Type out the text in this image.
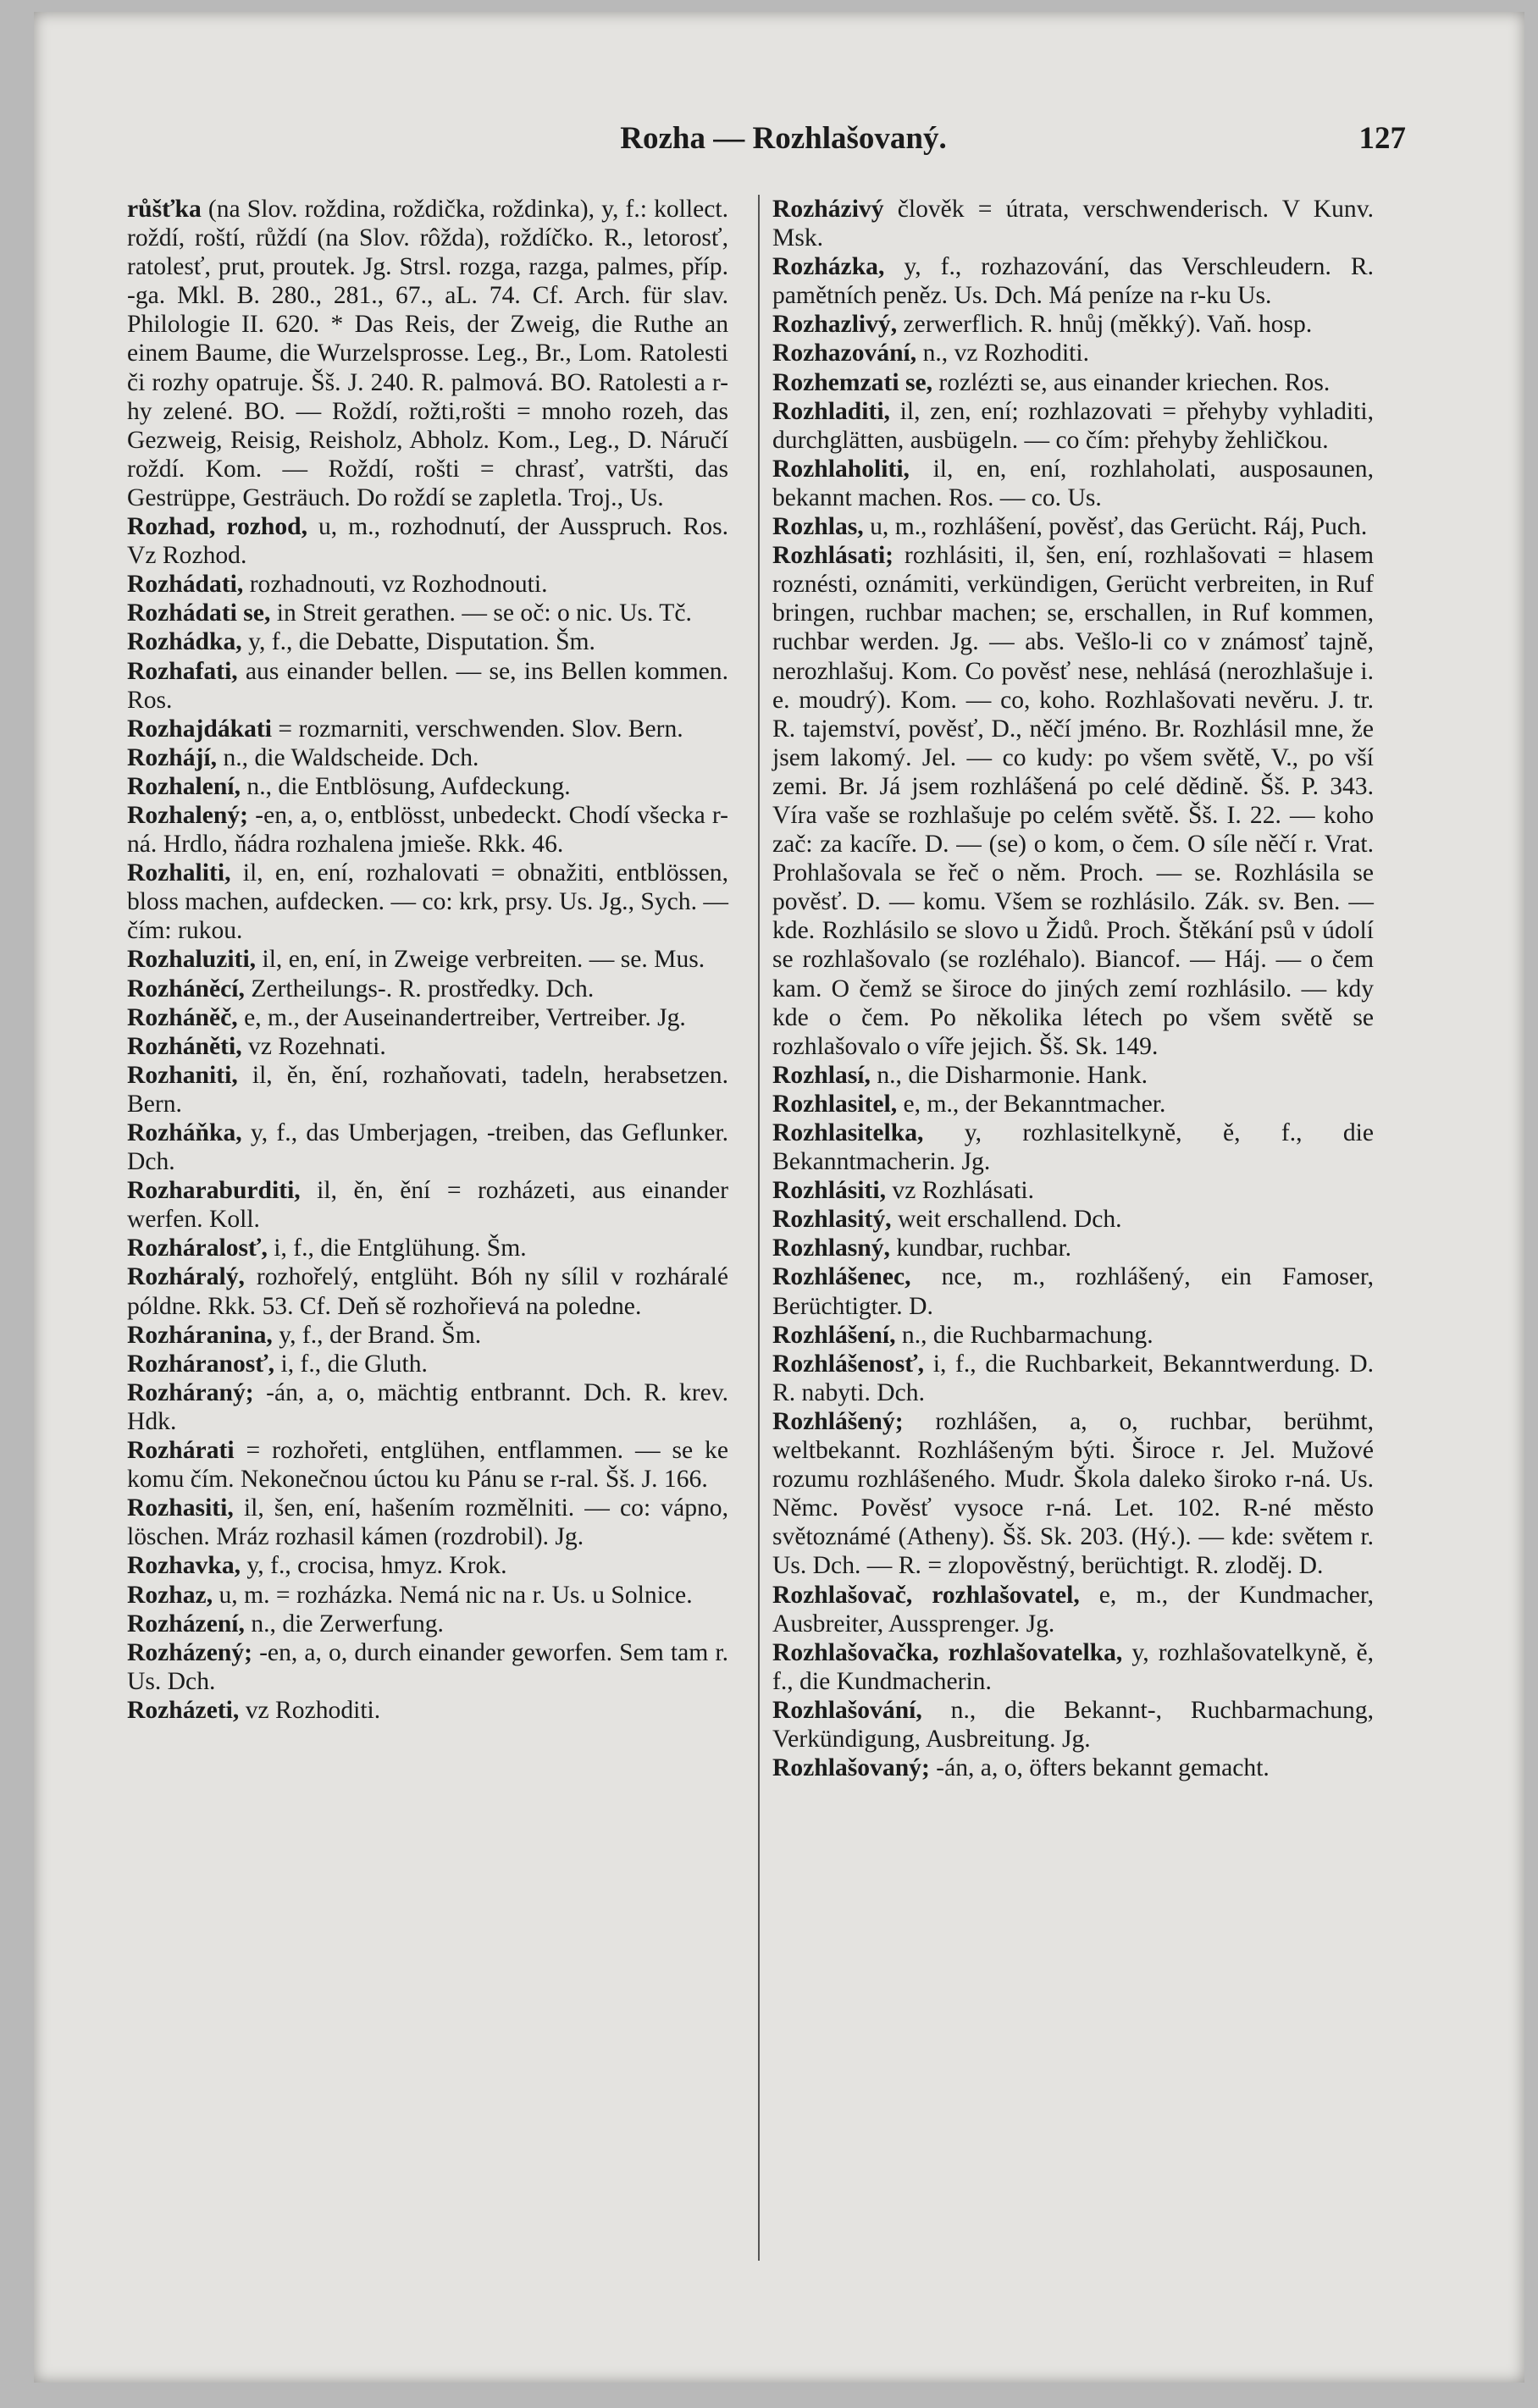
Rozha — Rozhlašovaný.	127

růšťka (na Slov. roždina, roždička, roždinka), y, f.: kollect. roždí, roští, růždí (na Slov. rôžda), roždíčko. R., letorosť, ratolesť, prut, proutek. Jg. Strsl. rozga, razga, palmes, příp. -ga. Mkl. B. 280., 281., 67., aL. 74. Cf. Arch. für slav. Philologie II. 620. * Das Reis, der Zweig, die Ruthe an einem Baume, die Wurzelsprosse. Leg., Br., Lom. Ratolesti či rozhy opatruje. Šš. J. 240. R. palmová. BO. Ratolesti a r-hy zelené. BO. — Roždí, rožti,rošti = mnoho rozeh, das Gezweig, Reisig, Reisholz, Abholz. Kom., Leg., D. Náručí roždí. Kom. — Roždí, rošti = chrasť, vatršti, das Gestrüppe, Gesträuch. Do roždí se zapletla. Troj., Us.

Rozhad, rozhod, u, m., rozhodnutí, der Ausspruch. Ros. Vz Rozhod.

Rozhádati, rozhadnouti, vz Rozhodnouti.

Rozhádati se, in Streit gerathen. — se oč: o nic. Us. Tč.

Rozhádka, y, f., die Debatte, Disputation. Šm.

Rozhafati, aus einander bellen. — se, ins Bellen kommen. Ros.

Rozhajdákati = rozmarniti, verschwenden. Slov. Bern.

Rozhájí, n., die Waldscheide. Dch.

Rozhalení, n., die Entblösung, Aufdeckung.

Rozhalený; -en, a, o, entblösst, unbedeckt. Chodí všecka r-ná. Hrdlo, ňádra rozhalena jmieše. Rkk. 46.

Rozhaliti, il, en, ení, rozhalovati = obnažiti, entblössen, bloss machen, aufdecken. — co: krk, prsy. Us. Jg., Sych. — čím: rukou.

Rozhaluziti, il, en, ení, in Zweige verbreiten. — se. Mus.

Rozháněcí, Zertheilungs-. R. prostředky. Dch.

Rozháněč, e, m., der Auseinandertreiber, Vertreiber. Jg.

Rozháněti, vz Rozehnati.

Rozhaniti, il, ěn, ění, rozhaňovati, tadeln, herabsetzen. Bern.

Rozháňka, y, f., das Umberjagen, -treiben, das Geflunker. Dch.

Rozharaburditi, il, ěn, ění = rozházeti, aus einander werfen. Koll.

Rozháralosť, i, f., die Entglühung. Šm.

Rozháralý, rozhořelý, entglüht. Bóh ny sílil v rozháralé póldne. Rkk. 53. Cf. Deň sě rozhořievá na poledne.

Rozháranina, y, f., der Brand. Šm.

Rozháranosť, i, f., die Gluth.

Rozháraný; -án, a, o, mächtig entbrannt. Dch. R. krev. Hdk.

Rozhárati = rozhořeti, entglühen, entflammen. — se ke komu čím. Nekonečnou úctou ku Pánu se r-ral. Šš. J. 166.

Rozhasiti, il, šen, ení, hašením rozmělniti. — co: vápno, löschen. Mráz rozhasil kámen (rozdrobil). Jg.

Rozhavka, y, f., crocisa, hmyz. Krok.

Rozhaz, u, m. = rozházka. Nemá nic na r. Us. u Solnice.

Rozházení, n., die Zerwerfung.

Rozházený; -en, a, o, durch einander geworfen. Sem tam r. Us. Dch.

Rozházeti, vz Rozhoditi.

Rozházivý člověk = útrata, verschwenderisch. V Kunv. Msk.

Rozházka, y, f., rozhazování, das Verschleudern. R. pamětních peněz. Us. Dch. Má peníze na r-ku Us.

Rozhazlivý, zerwerflich. R. hnůj (měkký). Vaň. hosp.

Rozhazování, n., vz Rozhoditi.

Rozhemzati se, rozlézti se, aus einander kriechen. Ros.

Rozhladiti, il, zen, ení; rozhlazovati = přehyby vyhladiti, durchglätten, ausbügeln. — co čím: přehyby žehličkou.

Rozhlaholiti, il, en, ení, rozhlaholati, ausposaunen, bekannt machen. Ros. — co. Us.

Rozhlas, u, m., rozhlášení, pověsť, das Gerücht. Ráj, Puch.

Rozhlásati; rozhlásiti, il, šen, ení, rozhlašovati = hlasem roznésti, oznámiti, verkündigen, Gerücht verbreiten, in Ruf bringen, ruchbar machen; se, erschallen, in Ruf kommen, ruchbar werden. Jg. — abs. Vešlo-li co v známosť tajně, nerozhlašuj. Kom. Co pověsť nese, nehlásá (nerozhlašuje i. e. moudrý). Kom. — co, koho. Rozhlašovati nevěru. J. tr. R. tajemství, pověsť, D., něčí jméno. Br. Rozhlásil mne, že jsem lakomý. Jel. — co kudy: po všem světě, V., po vší zemi. Br. Já jsem rozhlášená po celé dědině. Šš. P. 343. Víra vaše se rozhlašuje po celém světě. Šš. I. 22. — koho zač: za kacíře. D. — (se) o kom, o čem. O síle něčí r. Vrat. Prohlašovala se řeč o něm. Proch. — se. Rozhlásila se pověsť. D. — komu. Všem se rozhlásilo. Zák. sv. Ben. — kde. Rozhlásilo se slovo u Židů. Proch. Štěkání psů v údolí se rozhlašovalo (se rozléhalo). Biancof. — Háj. — o čem kam. O čemž se široce do jiných zemí rozhlásilo. — kdy kde o čem. Po několika létech po všem světě se rozhlašovalo o víře jejich. Šš. Sk. 149.

Rozhlasí, n., die Disharmonie. Hank.

Rozhlasitel, e, m., der Bekanntmacher.

Rozhlasitelka, y, rozhlasitelkyně, ě, f., die Bekanntmacherin. Jg.

Rozhlásiti, vz Rozhlásati.

Rozhlasitý, weit erschallend. Dch.

Rozhlasný, kundbar, ruchbar.

Rozhlášenec, nce, m., rozhlášený, ein Famoser, Berüchtigter. D.

Rozhlášení, n., die Ruchbarmachung.

Rozhlášenosť, i, f., die Ruchbarkeit, Bekanntwerdung. D. R. nabyti. Dch.

Rozhlášený; rozhlášen, a, o, ruchbar, berühmt, weltbekannt. Rozhlášeným býti. Široce r. Jel. Mužové rozumu rozhlášeného. Mudr. Škola daleko široko r-ná. Us. Němc. Pověsť vysoce r-ná. Let. 102. R-né město světoznámé (Atheny). Šš. Sk. 203. (Hý.). — kde: světem r. Us. Dch. — R. = zlopověstný, berüchtigt. R. zloděj. D.

Rozhlašovač, rozhlašovatel, e, m., der Kundmacher, Ausbreiter, Aussprenger. Jg.

Rozhlašovačka, rozhlašovatelka, y, rozhlašovatelkyně, ě, f., die Kundmacherin.

Rozhlašování, n., die Bekannt-, Ruchbarmachung, Verkündigung, Ausbreitung. Jg.

Rozhlašovaný; -án, a, o, öfters bekannt gemacht.
